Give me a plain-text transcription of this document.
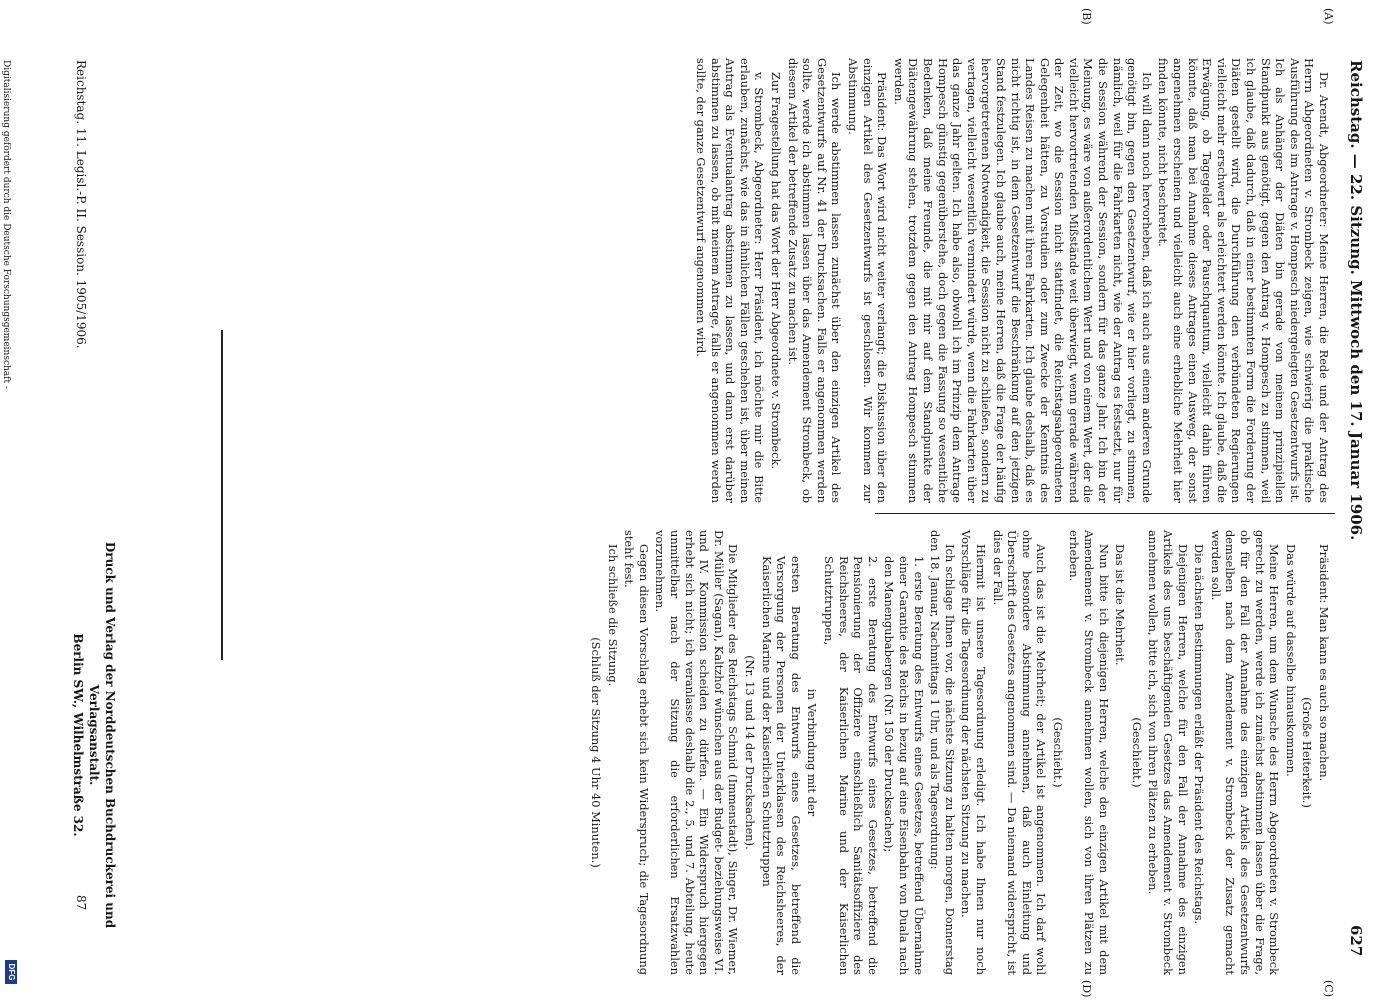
(A)
(B)
(C)
(D)
Reichstag. — 22. Sitzung. Mittwoch den 17. Januar 1906.
627

Dr. Arendt, Abgeordneter: Meine Herren, die Rede und der Antrag des Herrn Abgeordneten v. Strombeck zeigen, wie schwierig die praktische Ausführung des im Antrage v. Hompesch niedergelegten Gesetzentwurfs ist. Ich als Anhänger der Diäten bin gerade von meinem prinzipiellen Standpunkt aus genötigt, gegen den Antrag v. Hompesch zu stimmen, weil ich glaube, daß dadurch, daß in einer bestimmten Form die Forderung der Diäten gestellt wird, die Durchführung den verbündeten Regierungen vielleicht mehr erschwert als erleichtert werden könnte. Ich glaube, daß die Erwägung, ob Tagegelder oder Pauschquantum, vielleicht dahin führen könnte, daß man bei Annahme dieses Antrages einen Ausweg, der sonst angenehmen erscheinen und vielleicht auch eine erhebliche Mehrheit hier finden könnte, nicht beschreitet.

Ich will dann noch hervorheben, daß ich auch aus einem anderen Grunde genötigt bin, gegen den Gesetzentwurf, wie er hier vorliegt, zu stimmen, nämlich, weil für die Fahrkarten nicht, wie der Antrag es festsetzt, nur für die Session während der Session, sondern für das ganze Jahr. Ich bin der Meinung, es wäre von außerordentlichem Wert und von einem Wert, der die vielleicht hervortretenden Mißstände weit überwiegt, wenn gerade während der Zeit, wo die Session nicht stattfindet, die Reichstagsabgeordneten Gelegenheit hätten, zu Vorstudien oder zum Zwecke der Kenntnis des Landes Reisen zu machen mit ihren Fahrkarten. Ich glaube deshalb, daß es nicht richtig ist, in dem Gesetzentwurf die Beschränkung auf den jetzigen Stand festzulegen. Ich glaube auch, meine Herren, daß die Frage der häufig hervorgetretenen Notwendigkeit, die Session nicht zu schließen, sondern zu vertagen, vielleicht wesentlich vermindert würde, wenn die Fahrkarten über das ganze Jahr gelten. Ich habe also, obwohl ich im Prinzip dem Antrage Hompesch günstig gegenüberstehe, doch gegen die Fassung so wesentliche Bedenken, daß meine Freunde, die mit mir auf dem Standpunkte der Diätengewährung stehen, trotzdem gegen den Antrag Hompesch stimmen werden.

Präsident: Das Wort wird nicht weiter verlangt; die Diskussion über den einzigen Artikel des Gesetzentwurfs ist geschlossen. Wir kommen zur Abstimmung.

Ich werde abstimmen lassen zunächst über den einzigen Artikel des Gesetzentwurfs auf Nr. 41 der Drucksachen. Falls er angenommen werden sollte, werde ich abstimmen lassen über das Amendement Strombeck, ob diesem Artikel der betreffende Zusatz zu machen ist.

Zur Fragestellung hat das Wort der Herr Abgeordnete v. Strombeck.

v. Strombeck, Abgeordneter: Herr Präsident, ich möchte mir die Bitte erlauben, zunächst, wie das in ähnlichen Fällen geschehen ist, über meinen Antrag als Eventualantrag abstimmen zu lassen, und dann erst darüber abstimmen zu lassen, ob mit meinem Antrage, falls er angenommen werden sollte, der ganze Gesetzentwurf angenommen wird.

Präsident: Man kann es auch so machen.

(Große Heiterkeit.)

Das würde auf dasselbe hinauskommen.

Meine Herren, um dem Wunsche des Herrn Abgeordneten v. Strombeck gerecht zu werden, werde ich zunächst abstimmen lassen über die Frage, ob für den Fall der Annahme des einzigen Artikels des Gesetzentwurfs demselben nach dem Amendement v. Strombeck der Zusatz gemacht werden soll.

Die nächsten Bestimmungen erläßt der Präsident des Reichstags.

Diejenigen Herren, welche für den Fall der Annahme des einzigen Artikels des uns beschäftigenden Gesetzes das Amendement v. Strombeck annehmen wollen, bitte ich, sich von ihren Plätzen zu erheben.

(Geschieht.)

Das ist die Mehrheit.

Nun bitte ich diejenigen Herren, welche den einzigen Artikel mit dem Amendement v. Strombeck annehmen wollen, sich von ihren Plätzen zu erheben.

(Geschieht.)

Auch das ist die Mehrheit; der Artikel ist angenommen. Ich darf wohl ohne besondere Abstimmung annehmen, daß auch Einleitung und Überschrift des Gesetzes angenommen sind. — Da niemand widerspricht, ist dies der Fall.

Hiermit ist unsere Tagesordnung erledigt. Ich habe Ihnen nur noch Vorschläge für die Tagesordnung der nächsten Sitzung zu machen.

Ich schlage Ihnen vor, die nächste Sitzung zu halten morgen, Donnerstag den 18. Januar, Nachmittags 1 Uhr, und als Tagesordnung:

1. erste Beratung des Entwurfs eines Gesetzes, betreffend Übernahme einer Garantie des Reichs in bezug auf eine Eisenbahn von Duala nach den Manengubabergen (Nr. 150 der Drucksachen);

2. erste Beratung des Entwurfs eines Gesetzes, betreffend die Pensionierung der Offiziere einschließlich Sanitätsoffiziere des Reichsheeres, der Kaiserlichen Marine und der Kaiserlichen Schutztruppen,

in Verbindung mit der

ersten Beratung des Entwurfs eines Gesetzes, betreffend die Versorgung der Personen der Unterklassen des Reichsheeres, der Kaiserlichen Marine und der Kaiserlichen Schutztruppen

(Nr. 13 und 14 der Drucksachen).

Die Mitglieder des Reichstags Schmid (Immenstadt), Singer, Dr. Wiemer, Dr. Müller (Sagan), Kaltzhof wünschen aus der Budget- beziehungsweise VI. und IV. Kommission scheiden zu dürfen. — Ein Widerspruch hiergegen erhebt sich nicht; ich veranlasse deshalb die 2., 5. und 7. Abteilung, heute unmittelbar nach der Sitzung die erforderlichen Ersatzwahlen vorzunehmen.

Gegen diesen Vorschlag erhebt sich kein Widerspruch; die Tagesordnung steht fest.

Ich schließe die Sitzung.

(Schluß der Sitzung 4 Uhr 40 Minuten.)

Reichstag. 11. Legisl.-P. II. Session. 1905/1906.
Druck und Verlag der Norddeutschen Buchdruckerei und Verlagsanstalt.
Berlin SW., Wilhelmstraße 32.
87
Digitalisierung gefördert durch die Deutsche Forschungsgemeinschaft -
DFG
